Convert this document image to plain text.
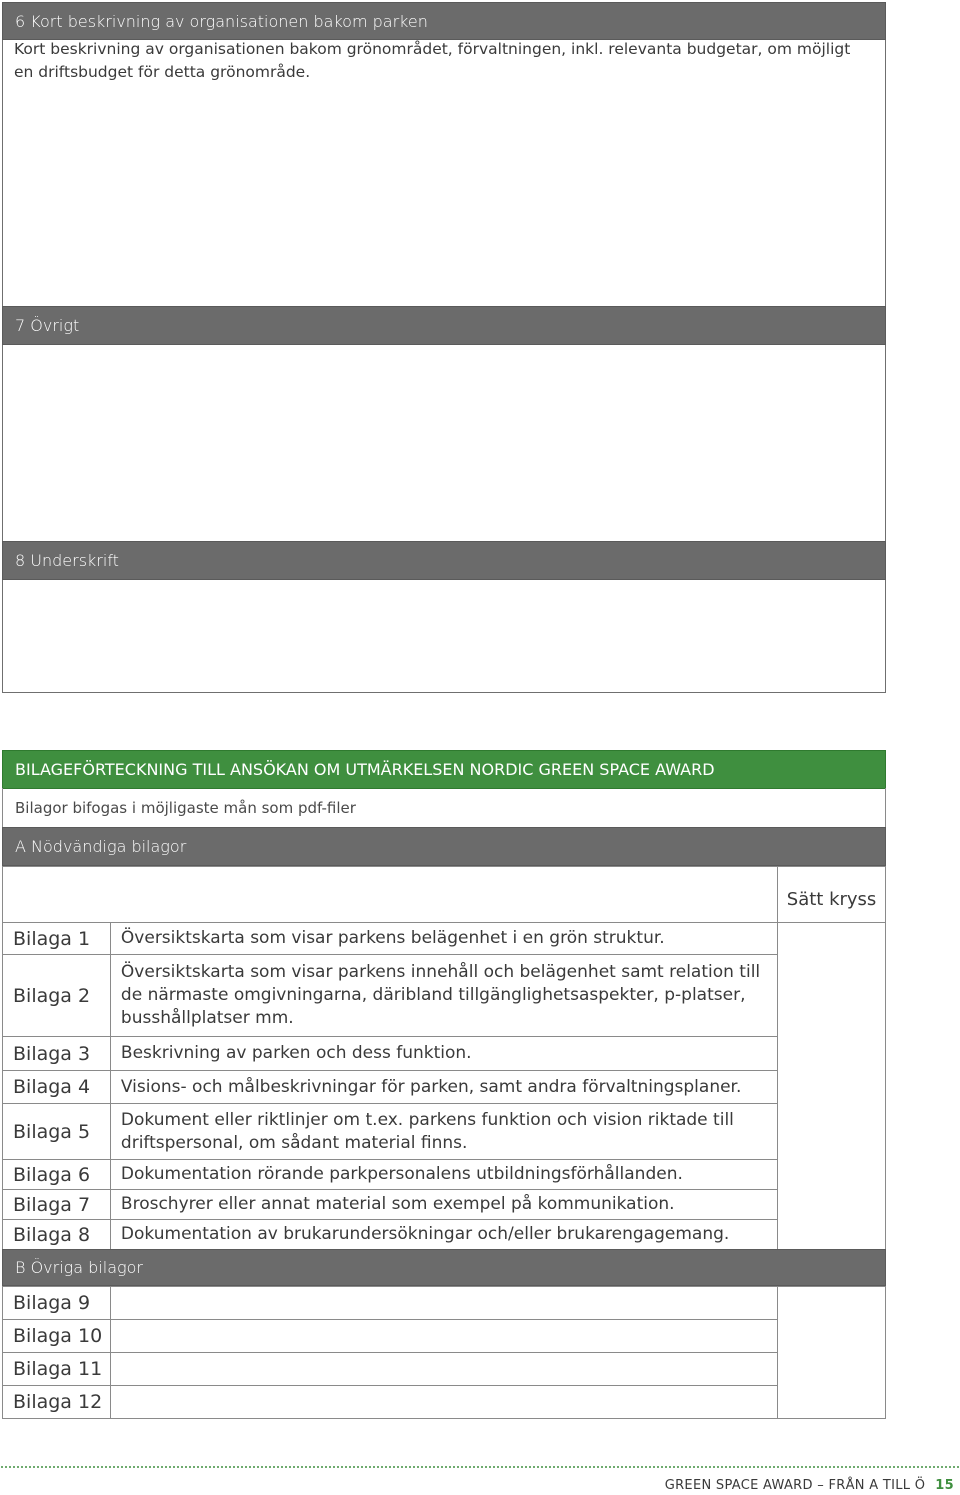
6 Kort beskrivning av organisationen bakom parken
Kort beskrivning av organisationen bakom grönområdet, förvaltningen, inkl. relevanta budgetar, om möjligt en driftsbudget för detta grönområde.
7 Övrigt
8 Underskrift
BILAGEFÖRTECKNING TILL ANSÖKAN OM UTMÄRKELSEN NORDIC GREEN SPACE AWARD
Bilagor bifogas i möjligaste mån som pdf-filer
A Nödvändiga bilagor
		Sätt kryss
Bilaga 1	Översiktskarta som visar parkens belägenhet i en grön struktur.	
Bilaga 2	Översiktskarta som visar parkens innehåll och belägenhet samt relation till de närmaste omgivningarna, däribland tillgänglighetsaspekter, p-platser, busshållplatser mm.	
Bilaga 3	Beskrivning av parken och dess funktion.	
Bilaga 4	Visions- och målbeskrivningar för parken, samt andra förvaltningsplaner.	
Bilaga 5	Dokument eller riktlinjer om t.ex. parkens funktion och vision riktade till driftspersonal, om sådant material finns.	
Bilaga 6	Dokumentation rörande parkpersonalens utbildningsförhållanden.	
Bilaga 7	Broschyrer eller annat material som exempel på kommunikation.	
Bilaga 8	Dokumentation av brukarundersökningar och/eller brukarengagemang.	
B Övriga bilagor
Bilaga 9		
Bilaga 10		
Bilaga 11		
Bilaga 12		
GREEN SPACE AWARD – FRÅN A TILL Ö 15
